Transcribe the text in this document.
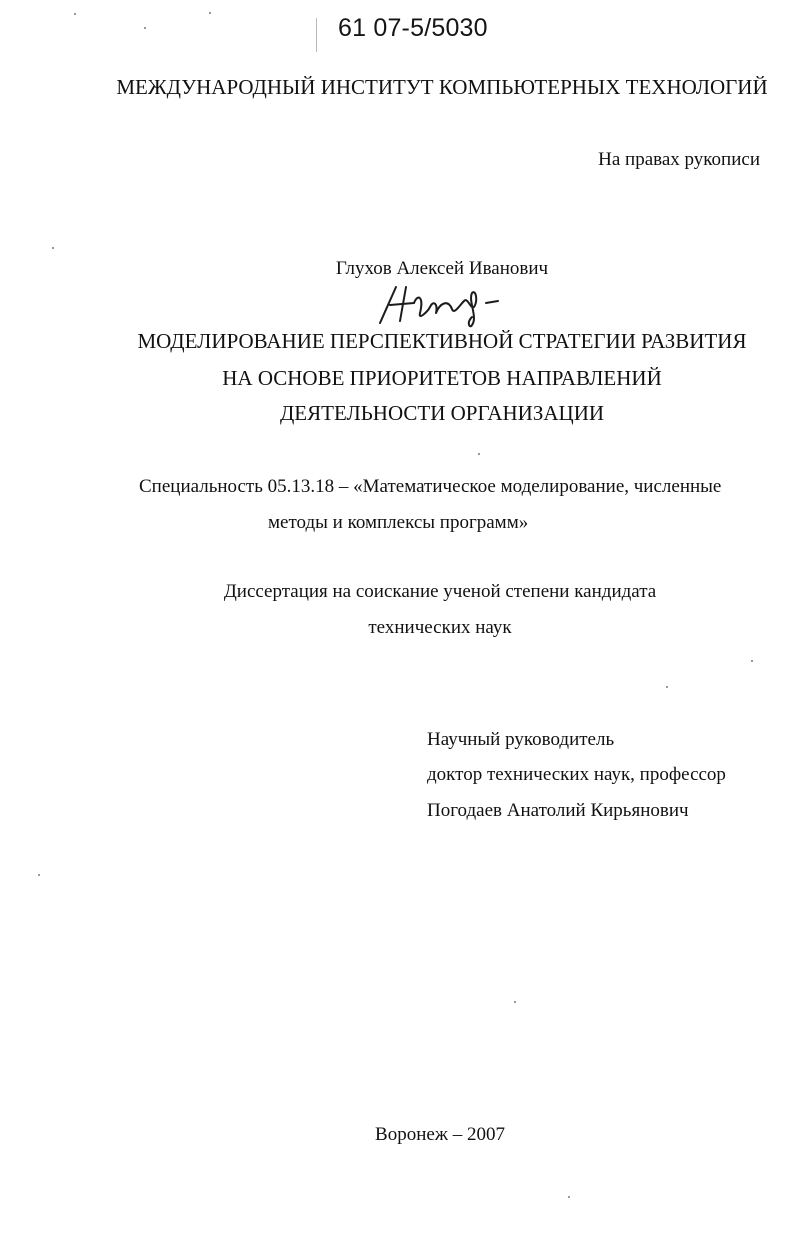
61 07-5/5030
МЕЖДУНАРОДНЫЙ ИНСТИТУТ КОМПЬЮТЕРНЫХ ТЕХНОЛОГИЙ
На правах рукописи
Глухов Алексей Иванович
МОДЕЛИРОВАНИЕ ПЕРСПЕКТИВНОЙ СТРАТЕГИИ РАЗВИТИЯ
НА ОСНОВЕ ПРИОРИТЕТОВ НАПРАВЛЕНИЙ
ДЕЯТЕЛЬНОСТИ ОРГАНИЗАЦИИ
Специальность 05.13.18 – «Математическое моделирование, численные
методы и комплексы программ»
Диссертация на соискание ученой степени кандидата
технических наук
Научный руководитель
доктор технических наук, профессор
Погодаев Анатолий Кирьянович
Воронеж – 2007
